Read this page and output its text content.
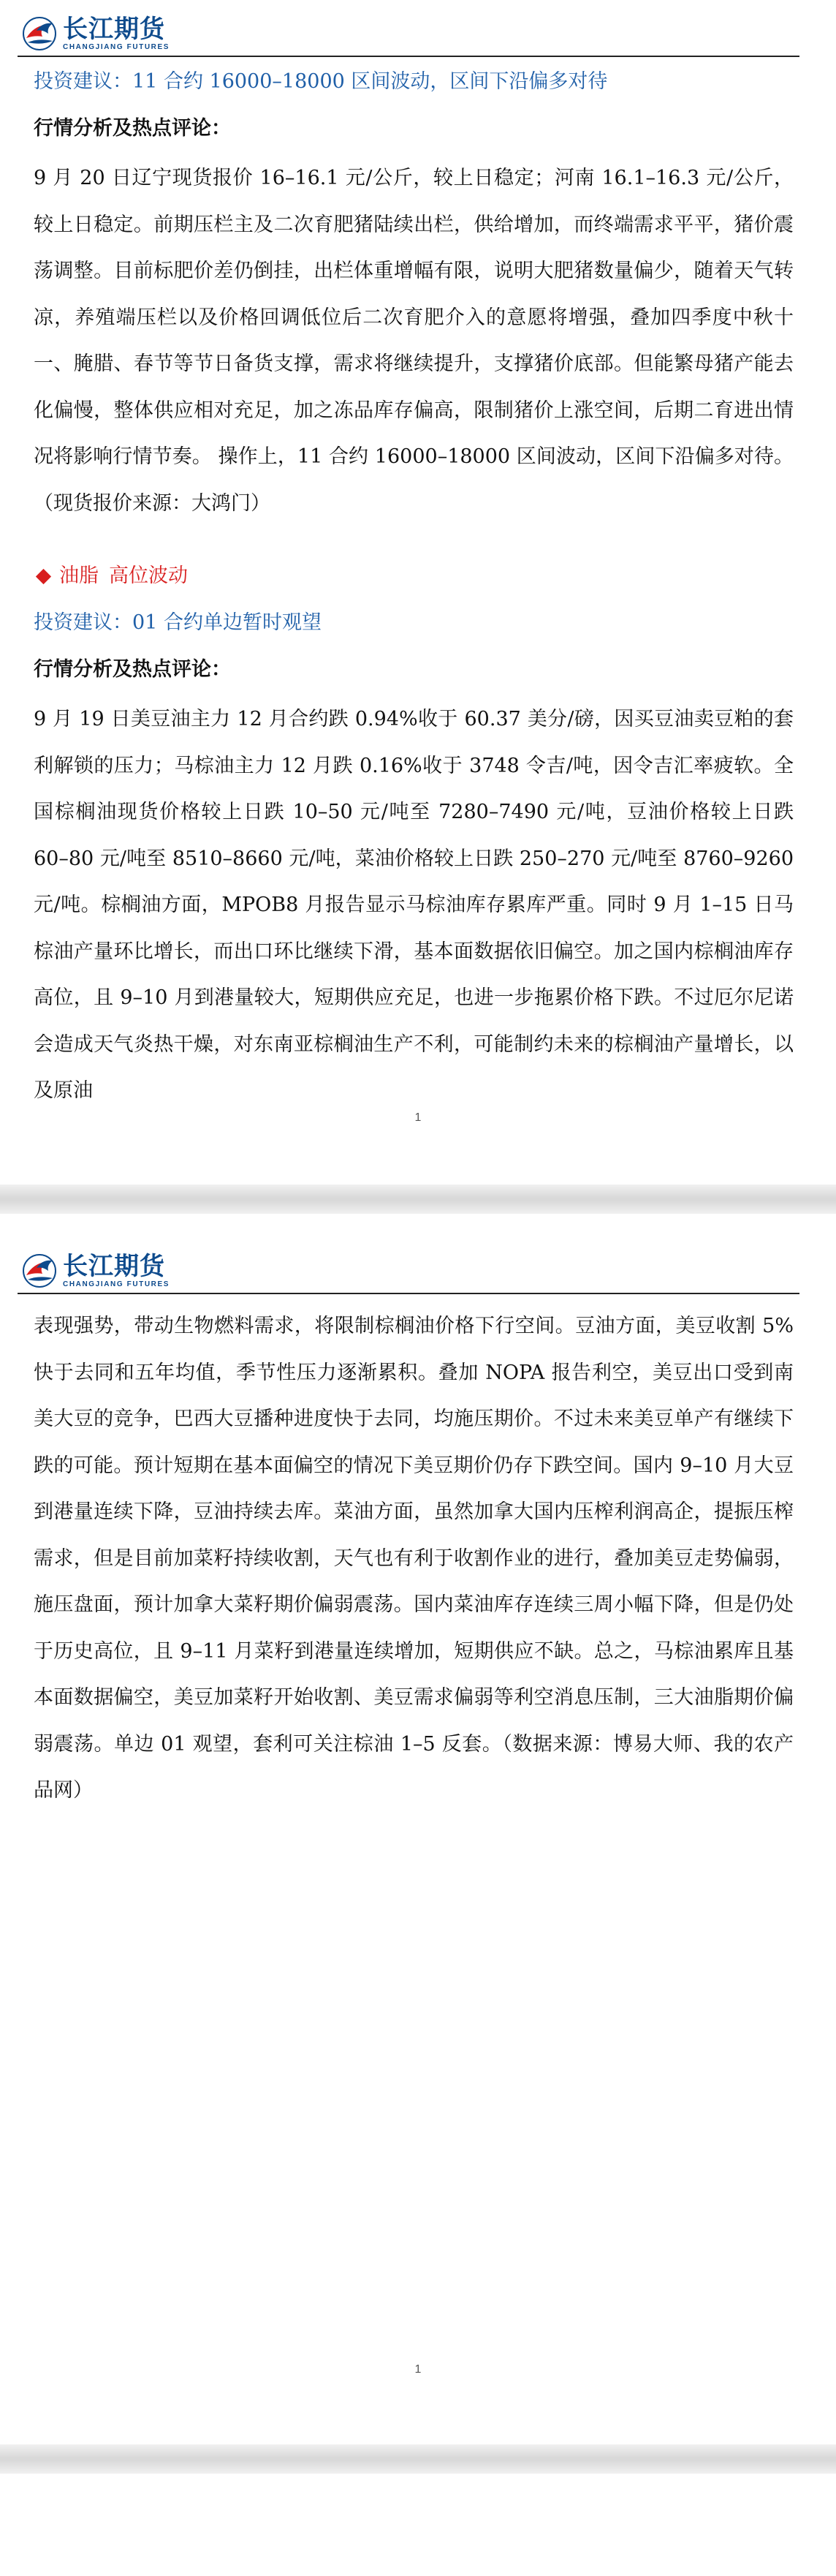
长江期货
CHANGJIANG FUTURES
投资建议：11 合约 16000–18000 区间波动，区间下沿偏多对待
行情分析及热点评论：

9 月 20 日辽宁现货报价 16–16.1 元/公斤，较上日稳定；河南 16.1–16.3 元/公斤，较上日稳定。前期压栏主及二次育肥猪陆续出栏，供给增加，而终端需求平平，猪价震荡调整。目前标肥价差仍倒挂，出栏体重增幅有限，说明大肥猪数量偏少，随着天气转凉，养殖端压栏以及价格回调低位后二次育肥介入的意愿将增强，叠加四季度中秋十一、腌腊、春节等节日备货支撑，需求将继续提升，支撑猪价底部。但能繁母猪产能去化偏慢，整体供应相对充足，加之冻品库存偏高，限制猪价上涨空间，后期二育进出情况将影响行情节奏。 操作上，11 合约 16000–18000 区间波动，区间下沿偏多对待。（现货报价来源：大鸿门）

油脂 高位波动
投资建议：01 合约单边暂时观望
行情分析及热点评论：

9 月 19 日美豆油主力 12 月合约跌 0.94%收于 60.37 美分/磅，因买豆油卖豆粕的套利解锁的压力；马棕油主力 12 月跌 0.16%收于 3748 令吉/吨，因令吉汇率疲软。全国棕榈油现货价格较上日跌 10–50 元/吨至 7280–7490 元/吨，豆油价格较上日跌 60–80 元/吨至 8510–8660 元/吨，菜油价格较上日跌 250–270 元/吨至 8760–9260 元/吨。棕榈油方面，MPOB8 月报告显示马棕油库存累库严重。同时 9 月 1–15 日马棕油产量环比增长，而出口环比继续下滑，基本面数据依旧偏空。加之国内棕榈油库存高位，且 9–10 月到港量较大，短期供应充足，也进一步拖累价格下跌。不过厄尔尼诺会造成天气炎热干燥，对东南亚棕榈油生产不利，可能制约未来的棕榈油产量增长，以及原油

1
长江期货
CHANGJIANG FUTURES

表现强势，带动生物燃料需求，将限制棕榈油价格下行空间。豆油方面，美豆收割 5%快于去同和五年均值，季节性压力逐渐累积。叠加 NOPA 报告利空，美豆出口受到南美大豆的竞争，巴西大豆播种进度快于去同，均施压期价。不过未来美豆单产有继续下跌的可能。预计短期在基本面偏空的情况下美豆期价仍存下跌空间。国内 9–10 月大豆到港量连续下降，豆油持续去库。菜油方面，虽然加拿大国内压榨利润高企，提振压榨需求，但是目前加菜籽持续收割，天气也有利于收割作业的进行，叠加美豆走势偏弱，施压盘面，预计加拿大菜籽期价偏弱震荡。国内菜油库存连续三周小幅下降，但是仍处于历史高位，且 9–11 月菜籽到港量连续增加，短期供应不缺。总之，马棕油累库且基本面数据偏空，美豆加菜籽开始收割、美豆需求偏弱等利空消息压制，三大油脂期价偏弱震荡。单边 01 观望，套利可关注棕油 1–5 反套。（数据来源：博易大师、我的农产品网）

1
